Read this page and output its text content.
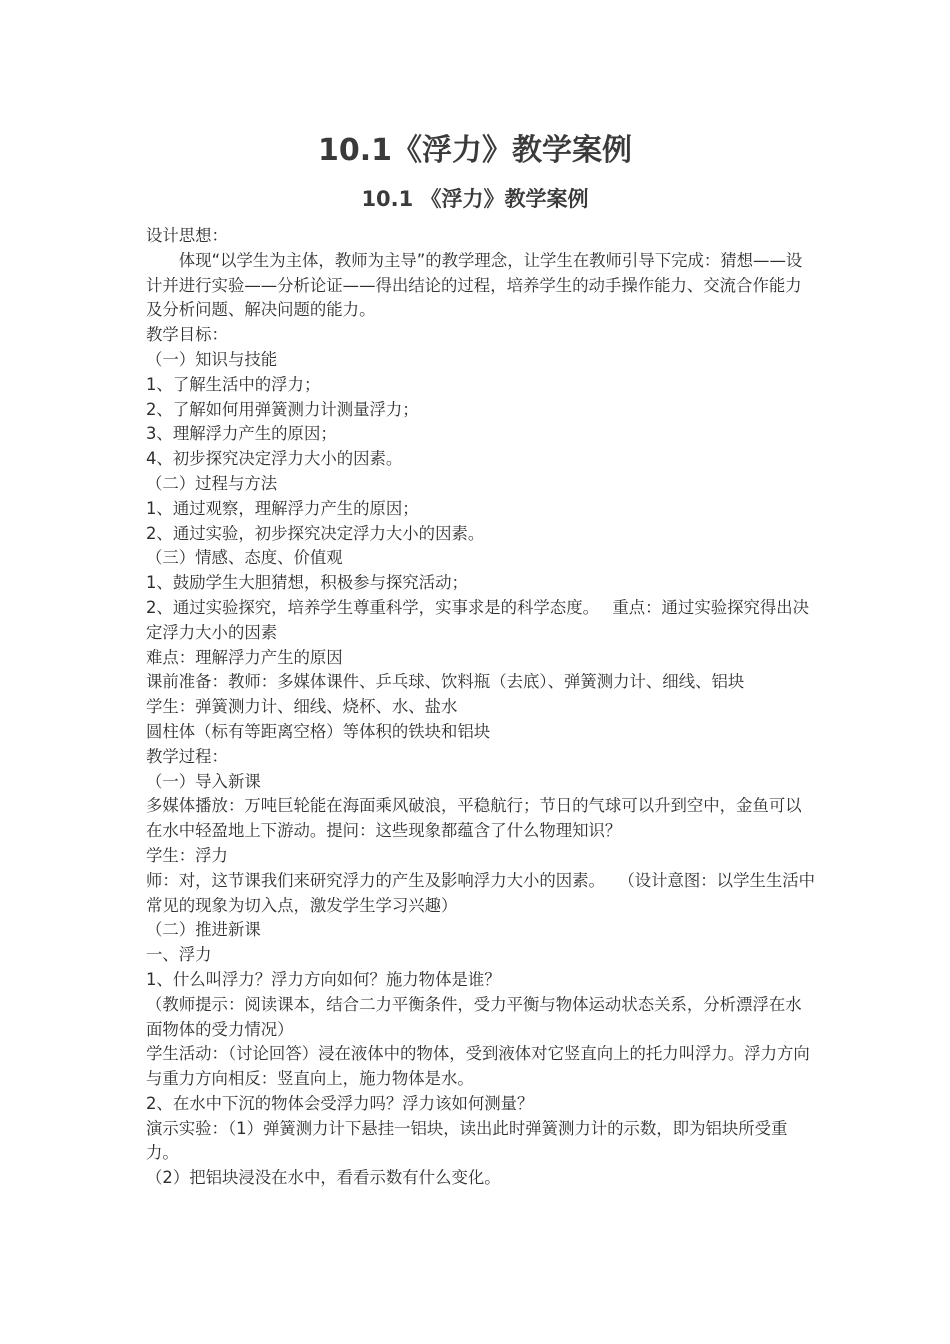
10.1《浮力》教学案例
10.1 《浮力》教学案例

设计思想：

体现“以学生为主体，教师为主导”的教学理念，让学生在教师引导下完成：猜想——设计并进行实验——分析论证——得出结论的过程，培养学生的动手操作能力、交流合作能力及分析问题、解决问题的能力。

教学目标：

（一）知识与技能

1、了解生活中的浮力；

2、了解如何用弹簧测力计测量浮力；

3、理解浮力产生的原因；

4、初步探究决定浮力大小的因素。

（二）过程与方法

1、通过观察，理解浮力产生的原因；

2、通过实验，初步探究决定浮力大小的因素。

（三）情感、态度、价值观

1、鼓励学生大胆猜想，积极参与探究活动；

2、通过实验探究，培养学生尊重科学，实事求是的科学态度。　 重点：通过实验探究得出决定浮力大小的因素

难点：理解浮力产生的原因

课前准备：教师：多媒体课件、乒乓球、饮料瓶（去底）、弹簧测力计、细线、铝块

学生：弹簧测力计、细线、烧杯、水、盐水

圆柱体（标有等距离空格）等体积的铁块和铝块

教学过程：

（一）导入新课

多媒体播放：万吨巨轮能在海面乘风破浪，平稳航行；节日的气球可以升到空中，金鱼可以在水中轻盈地上下游动。提问：这些现象都蕴含了什么物理知识？

学生：浮力

师：对，这节课我们来研究浮力的产生及影响浮力大小的因素。　 （设计意图：以学生生活中常见的现象为切入点，激发学生学习兴趣）

（二）推进新课

一、浮力

1、什么叫浮力？浮力方向如何？施力物体是谁？

（教师提示：阅读课本，结合二力平衡条件，受力平衡与物体运动状态关系，分析漂浮在水面物体的受力情况）

学生活动：（讨论回答）浸在液体中的物体，受到液体对它竖直向上的托力叫浮力。浮力方向与重力方向相反：竖直向上，施力物体是水。

2、在水中下沉的物体会受浮力吗？浮力该如何测量？

演示实验：（1）弹簧测力计下悬挂一铝块，读出此时弹簧测力计的示数，即为铝块所受重力。

（2）把铝块浸没在水中，看看示数有什么变化。
